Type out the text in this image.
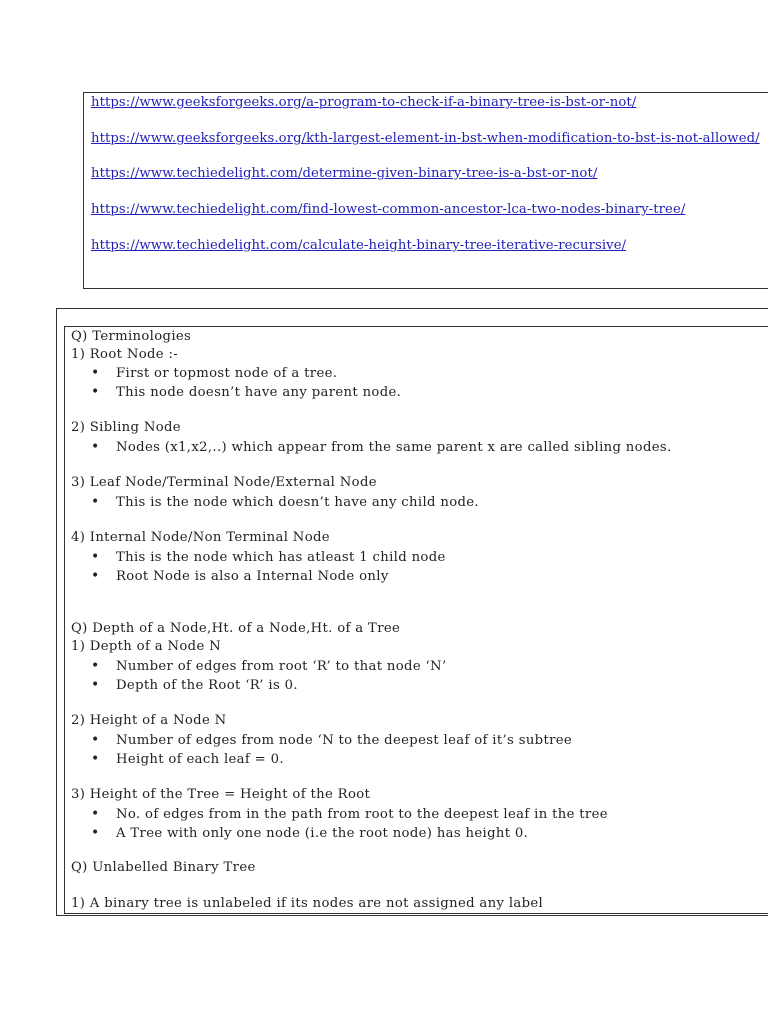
https://www.geeksforgeeks.org/a-program-to-check-if-a-binary-tree-is-bst-or-not/
https://www.geeksforgeeks.org/kth-largest-element-in-bst-when-modification-to-bst-is-not-allowed/
https://www.techiedelight.com/determine-given-binary-tree-is-a-bst-or-not/
https://www.techiedelight.com/find-lowest-common-ancestor-lca-two-nodes-binary-tree/
https://www.techiedelight.com/calculate-height-binary-tree-iterative-recursive/
Q) Terminologies
1) Root Node :-
• First or topmost node of a tree.
• This node doesn’t have any parent node.
2) Sibling Node
• Nodes (x1,x2,..) which appear from the same parent x are called sibling nodes.
3) Leaf Node/Terminal Node/External Node
• This is the node which doesn’t have any child node.
4) Internal Node/Non Terminal Node
• This is the node which has atleast 1 child node
• Root Node is also a Internal Node only
Q) Depth of a Node,Ht. of a Node,Ht. of a Tree
1) Depth of a Node N
• Number of edges from root ‘R’ to that node ‘N’
• Depth of the Root ‘R’ is 0.
2) Height of a Node N
• Number of edges from node ‘N to the deepest leaf of it’s subtree
• Height of each leaf = 0.
3) Height of the Tree = Height of the Root
• No. of edges from in the path from root to the deepest leaf in the tree
• A Tree with only one node (i.e the root node) has height 0.
Q) Unlabelled Binary Tree
1) A binary tree is unlabeled if its nodes are not assigned any label
